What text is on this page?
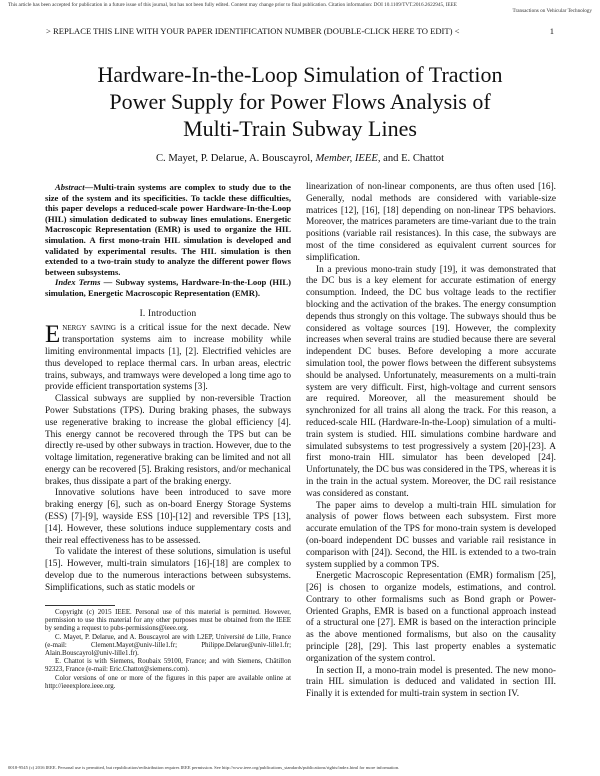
This article has been accepted for publication in a future issue of this journal, but has not been fully edited. Content may change prior to final publication. Citation information: DOI 10.1109/TVT.2016.2622945, IEEE
Transactions on Vehicular Technology
> REPLACE THIS LINE WITH YOUR PAPER IDENTIFICATION NUMBER (DOUBLE-CLICK HERE TO EDIT) <	1
Hardware-In-the-Loop Simulation of Traction
Power Supply for Power Flows Analysis of
Multi-Train Subway Lines
C. Mayet, P. Delarue, A. Bouscayrol, Member, IEEE, and E. Chattot

Abstract—Multi-train systems are complex to study due to the size of the system and its specificities. To tackle these difficulties, this paper develops a reduced-scale power Hardware-In-the-Loop (HIL) simulation dedicated to subway lines emulations. Energetic Macroscopic Representation (EMR) is used to organize the HIL simulation. A first mono-train HIL simulation is developed and validated by experimental results. The HIL simulation is then extended to a two-train study to analyze the different power flows between subsystems.

Index Terms — Subway systems, Hardware-In-the-Loop (HIL) simulation, Energetic Macroscopic Representation (EMR).

I. Introduction

Energy saving is a critical issue for the next decade. New transportation systems aim to increase mobility while limiting environmental impacts [1], [2]. Electrified vehicles are thus developed to replace thermal cars. In urban areas, electric trains, subways, and tramways were developed a long time ago to provide efficient transportation systems [3].

Classical subways are supplied by non-reversible Traction Power Substations (TPS). During braking phases, the subways use regenerative braking to increase the global efficiency [4]. This energy cannot be recovered through the TPS but can be directly re-used by other subways in traction. However, due to the voltage limitation, regenerative braking can be limited and not all energy can be recovered [5]. Braking resistors, and/or mechanical brakes, thus dissipate a part of the braking energy.

Innovative solutions have been introduced to save more braking energy [6], such as on-board Energy Storage Systems (ESS) [7]-[9], wayside ESS [10]-[12] and reversible TPS [13], [14]. However, these solutions induce supplementary costs and their real effectiveness has to be assessed.

To validate the interest of these solutions, simulation is useful [15]. However, multi-train simulators [16]-[18] are complex to develop due to the numerous interactions between subsystems. Simplifications, such as static models or

Copyright (c) 2015 IEEE. Personal use of this material is permitted. However, permission to use this material for any other purposes must be obtained from the IEEE by sending a request to pubs-permissions@ieee.org.

C. Mayet, P. Delarue, and A. Bouscayrol are with L2EP, Université de Lille, France (e-mail: Clement.Mayet@univ-lille1.fr; Philippe.Delarue@univ-lille1.fr; Alain.Bouscayrol@univ-lille1.fr).

E. Chattot is with Siemens, Roubaix 59100, France; and with Siemens, Châtillon 92323, France (e-mail: Eric.Chattot@siemens.com).

Color versions of one or more of the figures in this paper are available online at http://ieeexplore.ieee.org.

linearization of non-linear components, are thus often used [16]. Generally, nodal methods are considered with variable-size matrices [12], [16], [18] depending on non-linear TPS behaviors. Moreover, the matrices parameters are time-variant due to the train positions (variable rail resistances). In this case, the subways are most of the time considered as equivalent current sources for simplification.

In a previous mono-train study [19], it was demonstrated that the DC bus is a key element for accurate estimation of energy consumption. Indeed, the DC bus voltage leads to the rectifier blocking and the activation of the brakes. The energy consumption depends thus strongly on this voltage. The subways should thus be considered as voltage sources [19]. However, the complexity increases when several trains are studied because there are several independent DC buses. Before developing a more accurate simulation tool, the power flows between the different subsystems should be analysed. Unfortunately, measurements on a multi-train system are very difficult. First, high-voltage and current sensors are required. Moreover, all the measurement should be synchronized for all trains all along the track. For this reason, a reduced-scale HIL (Hardware-In-the-Loop) simulation of a multi-train system is studied. HIL simulations combine hardware and simulated subsystems to test progressively a system [20]-[23]. A first mono-train HIL simulator has been developed [24]. Unfortunately, the DC bus was considered in the TPS, whereas it is in the train in the actual system. Moreover, the DC rail resistance was considered as constant.

The paper aims to develop a multi-train HIL simulation for analysis of power flows between each subsystem. First more accurate emulation of the TPS for mono-train system is developed (on-board independent DC busses and variable rail resistance in comparison with [24]). Second, the HIL is extended to a two-train system supplied by a common TPS.

Energetic Macroscopic Representation (EMR) formalism [25], [26] is chosen to organize models, estimations, and control. Contrary to other formalisms such as Bond graph or Power-Oriented Graphs, EMR is based on a functional approach instead of a structural one [27]. EMR is based on the interaction principle as the above mentioned formalisms, but also on the causality principle [28], [29]. This last property enables a systematic organization of the system control.

In section II, a mono-train model is presented. The new mono-train HIL simulation is deduced and validated in section III. Finally it is extended for multi-train system in section IV.

0018-9545 (c) 2016 IEEE. Personal use is permitted, but republication/redistribution requires IEEE permission. See http://www.ieee.org/publications_standards/publications/rights/index.html for more information.
